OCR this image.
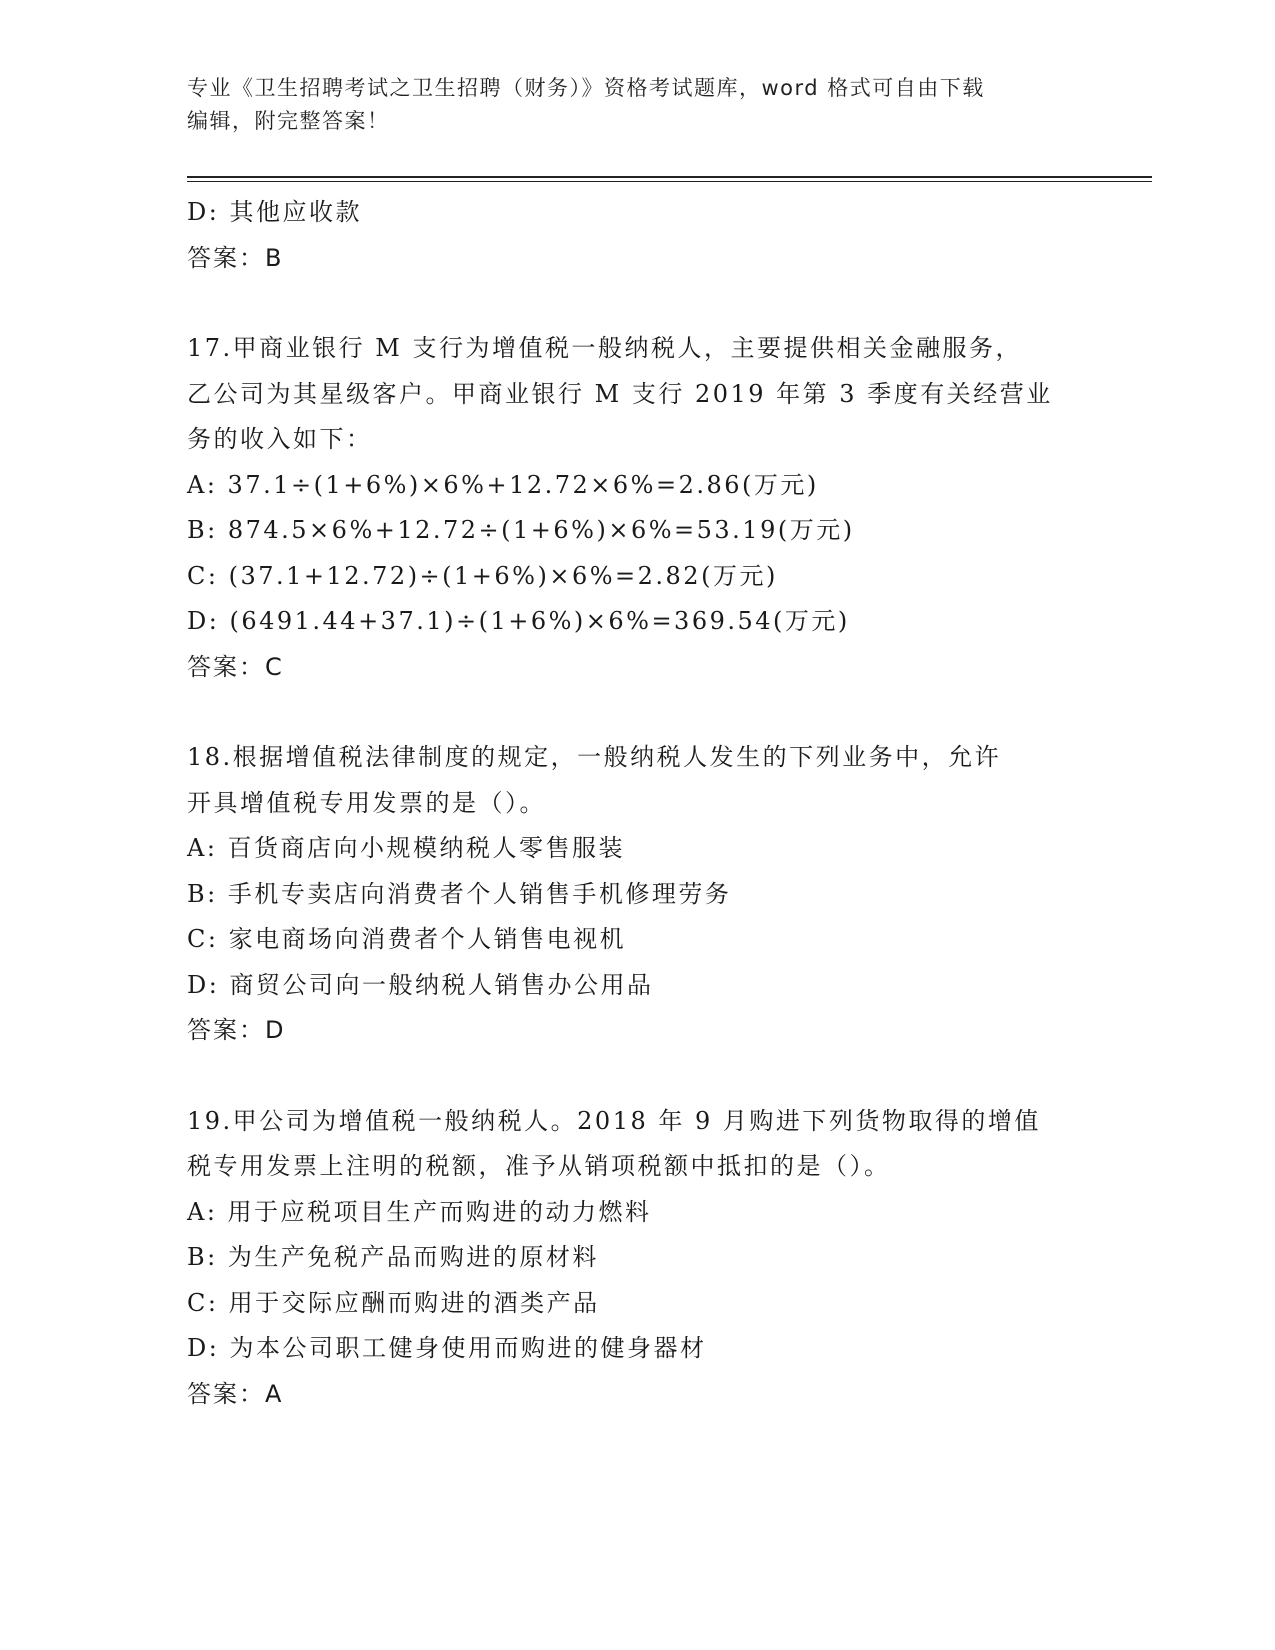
专业《卫生招聘考试之卫生招聘（财务）》资格考试题库，word 格式可自由下载
编辑，附完整答案！
D: 其他应收款
答案：B
17.甲商业银行 M 支行为增值税一般纳税人，主要提供相关金融服务，
乙公司为其星级客户。甲商业银行 M 支行 2019 年第 3 季度有关经营业
务的收入如下：
A: 37.1÷(1+6%)×6%+12.72×6%=2.86(万元)
B: 874.5×6%+12.72÷(1+6%)×6%=53.19(万元)
C: (37.1+12.72)÷(1+6%)×6%=2.82(万元)
D: (6491.44+37.1)÷(1+6%)×6%=369.54(万元)
答案：C
18.根据增值税法律制度的规定，一般纳税人发生的下列业务中，允许
开具增值税专用发票的是（）。
A: 百货商店向小规模纳税人零售服装
B: 手机专卖店向消费者个人销售手机修理劳务
C: 家电商场向消费者个人销售电视机
D: 商贸公司向一般纳税人销售办公用品
答案：D
19.甲公司为增值税一般纳税人。2018 年 9 月购进下列货物取得的增值
税专用发票上注明的税额，准予从销项税额中抵扣的是（）。
A: 用于应税项目生产而购进的动力燃料
B: 为生产免税产品而购进的原材料
C: 用于交际应酬而购进的酒类产品
D: 为本公司职工健身使用而购进的健身器材
答案：A
